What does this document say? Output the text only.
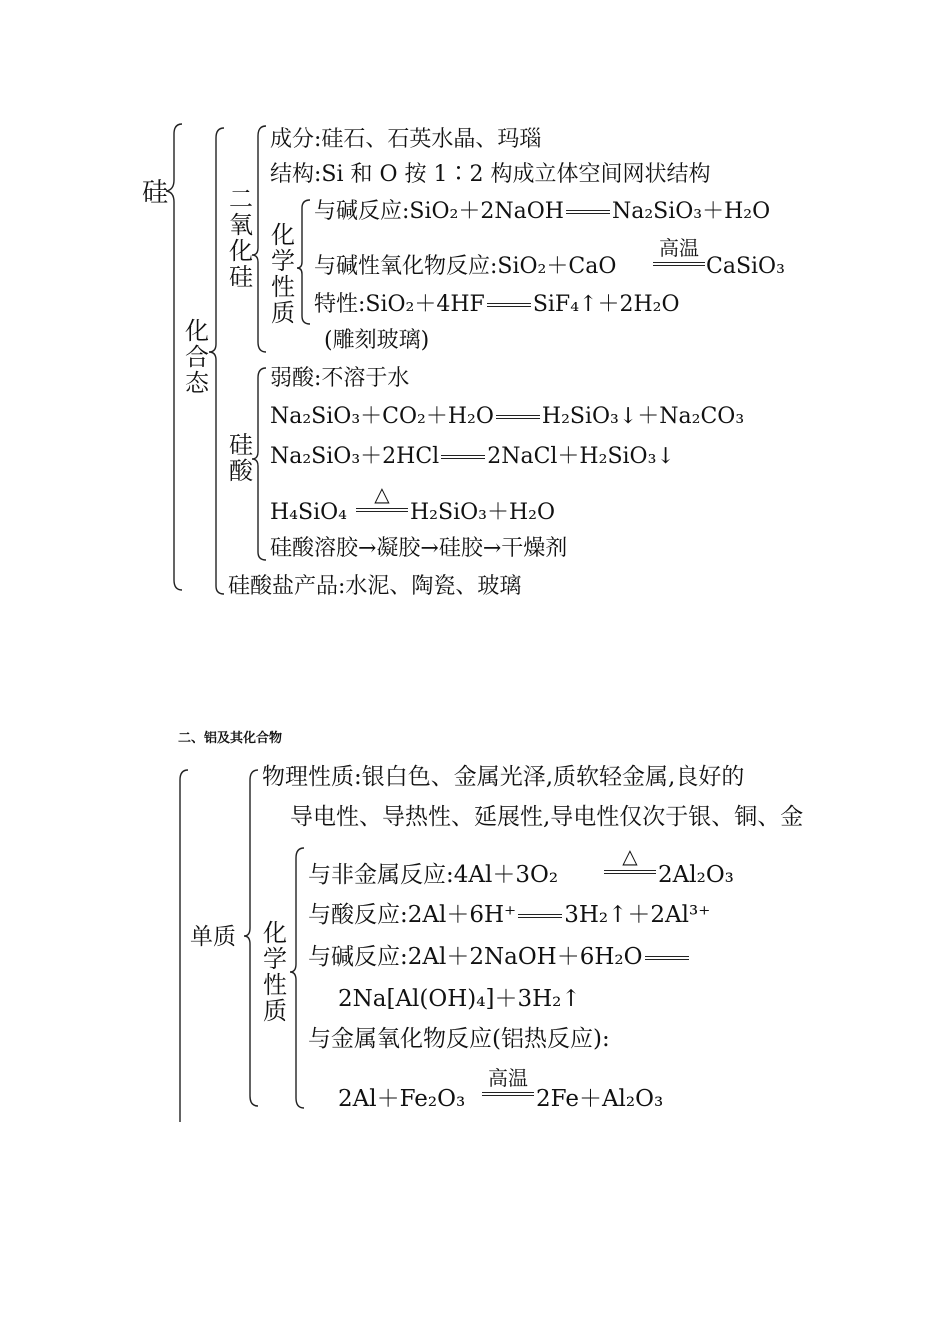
硅
化合态
二氧化硅
成分:硅石、石英水晶、玛瑙
结构:Si 和 O 按 1∶2 构成立体空间网状结构
化学性质
与碱反应:SiO₂＋2NaOH Na₂SiO₃＋H₂O
与碱性氧化物反应:SiO₂＋CaO
高温
CaSiO₃
特性:SiO₂＋4HF SiF₄↑＋2H₂O
(雕刻玻璃)
硅酸
弱酸:不溶于水
Na₂SiO₃＋CO₂＋H₂O H₂SiO₃↓＋Na₂CO₃
Na₂SiO₃＋2HCl 2NaCl＋H₂SiO₃↓
H₄SiO₄
△
H₂SiO₃＋H₂O
硅酸溶胶→凝胶→硅胶→干燥剂
硅酸盐产品:水泥、陶瓷、玻璃
二、铝及其化合物
单质
物理性质:银白色、金属光泽,质软轻金属,良好的
导电性、导热性、延展性,导电性仅次于银、铜、金
化学性质
与非金属反应:4Al＋3O₂
△
2Al₂O₃
与酸反应:2Al＋6H⁺ 3H₂↑＋2Al³⁺
与碱反应:2Al＋2NaOH＋6H₂O
2Na[Al(OH)₄]＋3H₂↑
与金属氧化物反应(铝热反应):
2Al＋Fe₂O₃
高温
2Fe＋Al₂O₃
